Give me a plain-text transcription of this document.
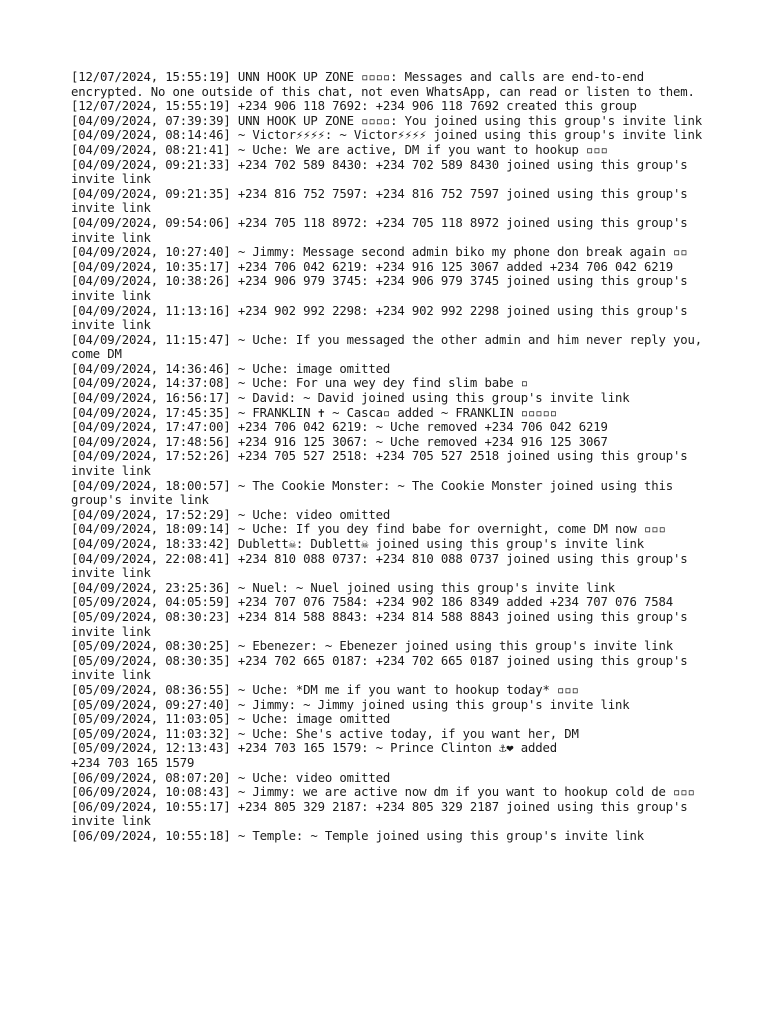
[12/07/2024, 15:55:19] UNN HOOK UP ZONE ▫▫▫▫: Messages and calls are end-to-end encrypted. No one outside of this chat, not even WhatsApp, can read or listen to them.

[12/07/2024, 15:55:19] +234 906 118 7692: +234 906 118 7692 created this group

[04/09/2024, 07:39:39] UNN HOOK UP ZONE ▫▫▫▫: You joined using this group's invite link

[04/09/2024, 08:14:46] ~ Victor⚡⚡⚡⚡: ~ Victor⚡⚡⚡⚡ joined using this group's invite link

[04/09/2024, 08:21:41] ~ Uche: We are active, DM if you want to hookup ▫▫▫

[04/09/2024, 09:21:33] +234 702 589 8430: +234 702 589 8430 joined using this group's invite link

[04/09/2024, 09:21:35] +234 816 752 7597: +234 816 752 7597 joined using this group's invite link

[04/09/2024, 09:54:06] +234 705 118 8972: +234 705 118 8972 joined using this group's invite link

[04/09/2024, 10:27:40] ~ Jimmy: Message second admin biko my phone don break again ▫▫

[04/09/2024, 10:35:17] +234 706 042 6219: +234 916 125 3067 added +234 706 042 6219

[04/09/2024, 10:38:26] +234 906 979 3745: +234 906 979 3745 joined using this group's invite link

[04/09/2024, 11:13:16] +234 902 992 2298: +234 902 992 2298 joined using this group's invite link

[04/09/2024, 11:15:47] ~ Uche: If you messaged the other admin and him never reply you, come DM

[04/09/2024, 14:36:46] ~ Uche: image omitted

[04/09/2024, 14:37:08] ~ Uche: For una wey dey find slim babe ▫

[04/09/2024, 16:56:17] ~ David: ~ David joined using this group's invite link

[04/09/2024, 17:45:35] ~ FRANKLIN ✝ ~ Casca▫ added ~ FRANKLIN ▫▫▫▫▫

[04/09/2024, 17:47:00] +234 706 042 6219: ~ Uche removed +234 706 042 6219

[04/09/2024, 17:48:56] +234 916 125 3067: ~ Uche removed +234 916 125 3067

[04/09/2024, 17:52:26] +234 705 527 2518: +234 705 527 2518 joined using this group's invite link

[04/09/2024, 18:00:57] ~ The Cookie Monster: ~ The Cookie Monster joined using this group's invite link

[04/09/2024, 17:52:29] ~ Uche: video omitted

[04/09/2024, 18:09:14] ~ Uche: If you dey find babe for overnight, come DM now ▫▫▫

[04/09/2024, 18:33:42] Dublett☠: Dublett☠ joined using this group's invite link

[04/09/2024, 22:08:41] +234 810 088 0737: +234 810 088 0737 joined using this group's invite link

[04/09/2024, 23:25:36] ~ Nuel: ~ Nuel joined using this group's invite link

[05/09/2024, 04:05:59] +234 707 076 7584: +234 902 186 8349 added +234 707 076 7584

[05/09/2024, 08:30:23] +234 814 588 8843: +234 814 588 8843 joined using this group's invite link

[05/09/2024, 08:30:25] ~ Ebenezer: ~ Ebenezer joined using this group's invite link

[05/09/2024, 08:30:35] +234 702 665 0187: +234 702 665 0187 joined using this group's invite link

[05/09/2024, 08:36:55] ~ Uche: *DM me if you want to hookup today* ▫▫▫

[05/09/2024, 09:27:40] ~ Jimmy: ~ Jimmy joined using this group's invite link

[05/09/2024, 11:03:05] ~ Uche: image omitted

[05/09/2024, 11:03:32] ~ Uche: She's active today, if you want her, DM

[05/09/2024, 12:13:43] +234 703 165 1579: ~ Prince Clinton ⚓❤ added
+234 703 165 1579

[06/09/2024, 08:07:20] ~ Uche: video omitted

[06/09/2024, 10:08:43] ~ Jimmy: we are active now dm if you want to hookup cold de ▫▫▫

[06/09/2024, 10:55:17] +234 805 329 2187: +234 805 329 2187 joined using this group's invite link

[06/09/2024, 10:55:18] ~ Temple: ~ Temple joined using this group's invite link
